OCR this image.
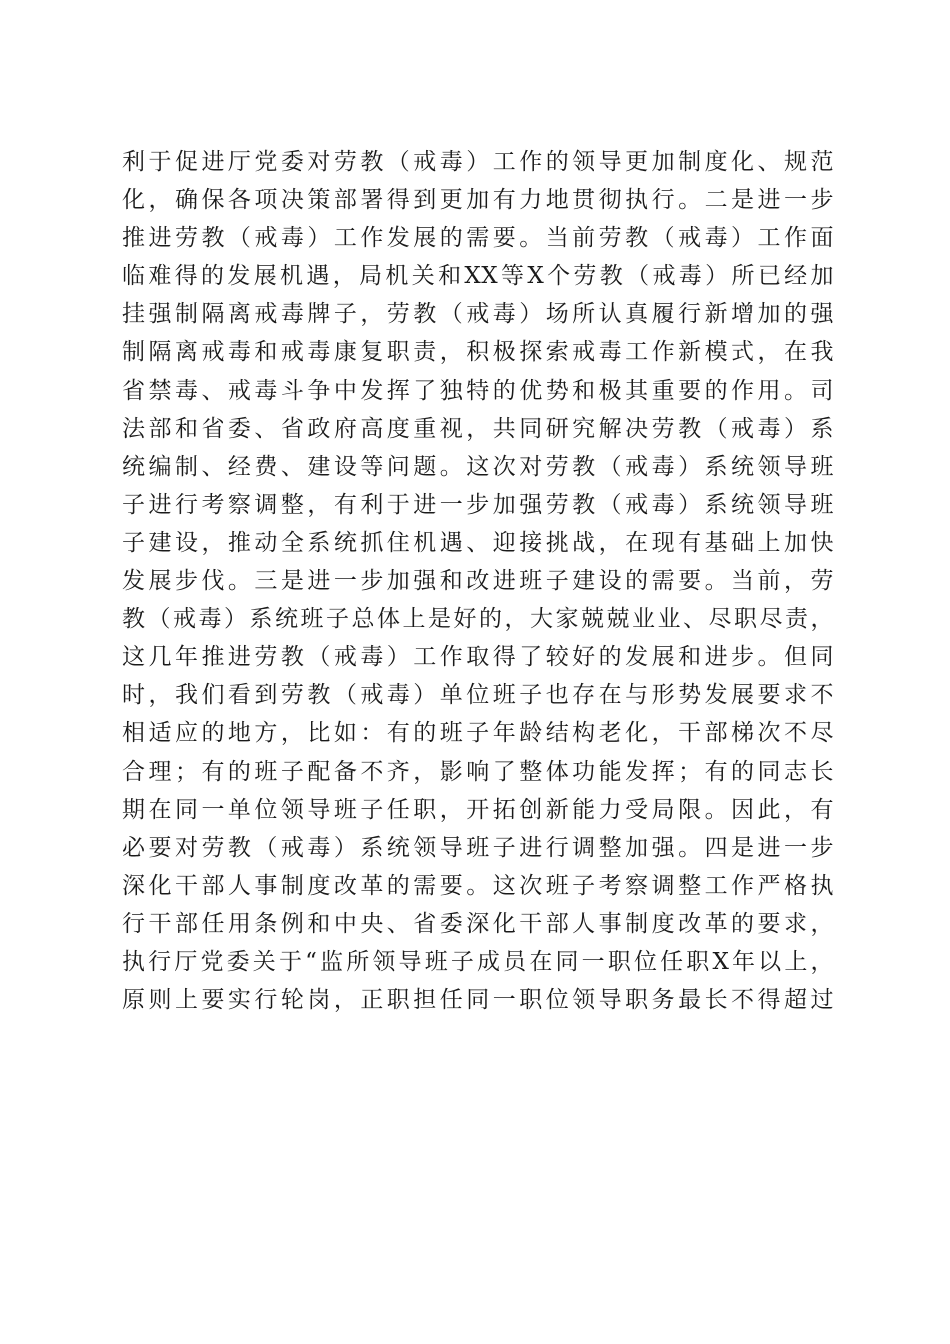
利于促进厅党委对劳教（戒毒）工作的领导更加制度化、规范
化，确保各项决策部署得到更加有力地贯彻执行。二是进一步
推进劳教（戒毒）工作发展的需要。当前劳教（戒毒）工作面
临难得的发展机遇，局机关和XX等X个劳教（戒毒）所已经加
挂强制隔离戒毒牌子，劳教（戒毒）场所认真履行新增加的强
制隔离戒毒和戒毒康复职责，积极探索戒毒工作新模式，在我
省禁毒、戒毒斗争中发挥了独特的优势和极其重要的作用。司
法部和省委、省政府高度重视，共同研究解决劳教（戒毒）系
统编制、经费、建设等问题。这次对劳教（戒毒）系统领导班
子进行考察调整，有利于进一步加强劳教（戒毒）系统领导班
子建设，推动全系统抓住机遇、迎接挑战，在现有基础上加快
发展步伐。三是进一步加强和改进班子建设的需要。当前，劳
教（戒毒）系统班子总体上是好的，大家兢兢业业、尽职尽责，
这几年推进劳教（戒毒）工作取得了较好的发展和进步。但同
时，我们看到劳教（戒毒）单位班子也存在与形势发展要求不
相适应的地方，比如：有的班子年龄结构老化，干部梯次不尽
合理；有的班子配备不齐，影响了整体功能发挥；有的同志长
期在同一单位领导班子任职，开拓创新能力受局限。因此，有
必要对劳教（戒毒）系统领导班子进行调整加强。四是进一步
深化干部人事制度改革的需要。这次班子考察调整工作严格执
行干部任用条例和中央、省委深化干部人事制度改革的要求，
执行厅党委关于“监所领导班子成员在同一职位任职X年以上，
原则上要实行轮岗，正职担任同一职位领导职务最长不得超过
